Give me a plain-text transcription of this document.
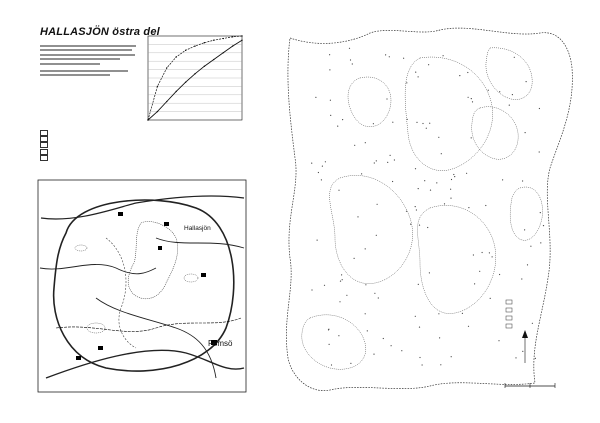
HALLASJÖN östra del
Hallasjön
Femsö
